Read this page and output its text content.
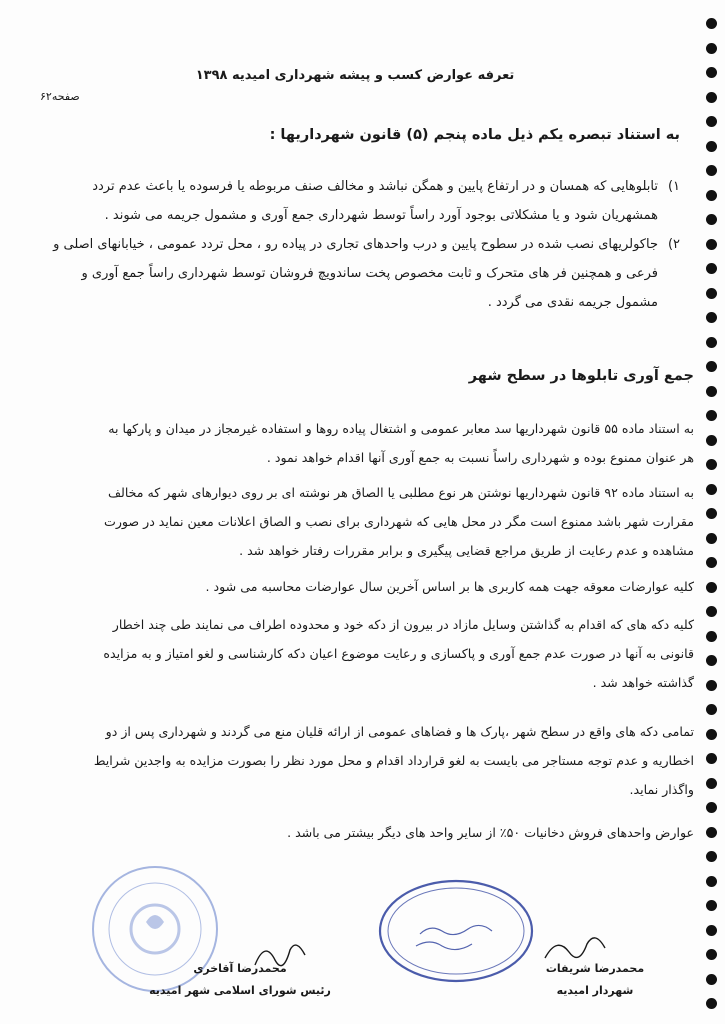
تعرفه عوارض کسب و پیشه شهرداری امیدیه ۱۳۹۸
صفحه۶۲
به استناد تبصره یکم ذیل ماده پنجم (۵) قانون شهرداریها :
۱)
تابلوهایی که همسان و در ارتفاع پایین و همگن نباشد و مخالف صنف مربوطه یا فرسوده یا باعث عدم تردد
همشهریان شود و یا مشکلاتی بوجود آورد راساً توسط شهرداری جمع آوری و مشمول جریمه می شوند .
۲)
جاکولریهای نصب شده در سطوح پایین و درب واحدهای تجاری در پیاده رو ، محل تردد عمومی ، خیابانهای اصلی و
فرعی و همچنین فر های متحرک و ثابت مخصوص پخت ساندویچ فروشان توسط شهرداری راساً جمع آوری و
مشمول جریمه نقدی می گردد .
جمع آوری تابلوها در سطح شهر
به استناد ماده ۵۵ قانون شهرداریها سد معابر عمومی و اشتغال پیاده روها و استفاده غیرمجاز در میدان و پارکها به
هر عنوان ممنوع بوده و شهرداری راساً نسبت به جمع آوری آنها اقدام خواهد نمود .
به استناد ماده ۹۲ قانون شهرداریها نوشتن هر نوع مطلبی یا الصاق هر نوشته ای بر روی دیوارهای شهر که مخالف
مقرارت شهر باشد ممنوع است مگر در محل هایی که شهرداری برای نصب و الصاق اعلانات معین نماید در صورت
مشاهده و عدم رعایت از طریق مراجع قضایی پیگیری و برابر مقررات رفتار خواهد شد .
کلیه عوارضات معوقه جهت همه کاربری ها بر اساس آخرین سال عوارضات محاسبه می شود .
کلیه دکه های که اقدام به گذاشتن وسایل مازاد در بیرون از دکه خود و محدوده اطراف می نمایند طی چند اخطار
قانونی به آنها در صورت عدم جمع آوری و پاکسازی و رعایت موضوع اعیان دکه کارشناسی و لغو امتیاز و به مزایده
گذاشته خواهد شد .
تمامی دکه های واقع در سطح شهر ،پارک ها و فضاهای عمومی از ارائه قلیان منع می گردند و شهرداری پس از دو
اخطاریه و عدم توجه مستاجر می بایست به لغو قرارداد اقدام و محل مورد نظر را بصورت مزایده به واجدین شرایط
واگذار نماید.
عوارض واحدهای فروش دخانیات ۵۰٪ از سایر واحد های دیگر بیشتر می باشد .
محمدرضا شریفات
شهردار امیدیه
محمدرضا آقاخری
رئیس شورای اسلامی شهر امیدیه
